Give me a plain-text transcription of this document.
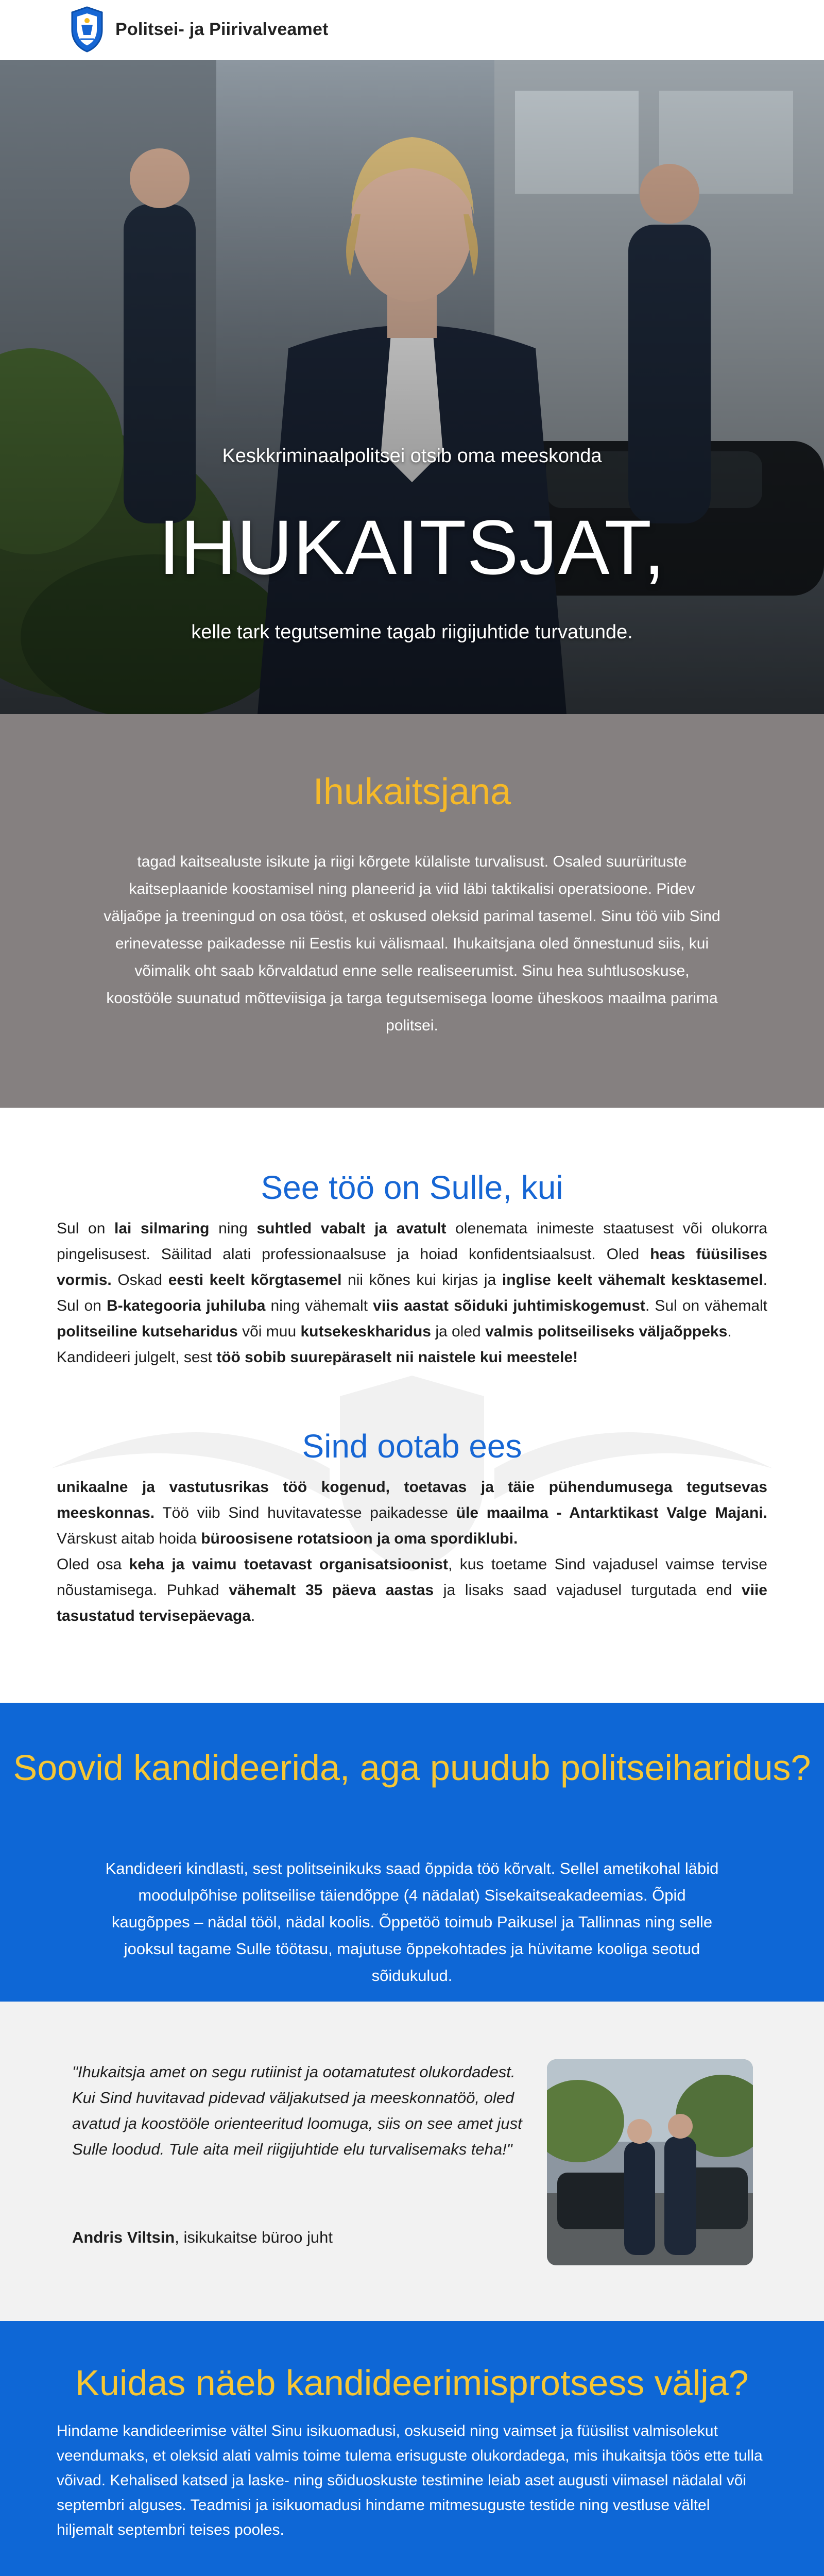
Politsei- ja Piirivalveamet
Keskkriminaalpolitsei otsib oma meeskonda
IHUKAITSJAT,
kelle tark tegutsemine tagab riigijuhtide turvatunde.
Ihukaitsjana

tagad kaitsealuste isikute ja riigi kõrgete külaliste turvalisust. Osaled suurürituste kaitseplaanide koostamisel ning planeerid ja viid läbi taktikalisi operatsioone. Pidev väljaõpe ja treeningud on osa tööst, et oskused oleksid parimal tasemel. Sinu töö viib Sind erinevatesse paikadesse nii Eestis kui välismaal. Ihukaitsjana oled õnnestunud siis, kui võimalik oht saab kõrvaldatud enne selle realiseerumist. Sinu hea suhtlusoskuse, koostööle suunatud mõtteviisiga ja targa tegutsemisega loome üheskoos maailma parima politsei.

See töö on Sulle, kui
Sul on lai silmaring ning suhtled vabalt ja avatult olenemata inimeste staatusest või olukorra pingelisusest. Säilitad alati professionaalsuse ja hoiad konfidentsiaalsust. Oled heas füüsilises vormis. Oskad eesti keelt kõrgtasemel nii kõnes kui kirjas ja inglise keelt vähemalt kesktasemel. Sul on B-kategooria juhiluba ning vähemalt viis aastat sõiduki juhtimiskogemust. Sul on vähemalt politseiline kutseharidus või muu kutsekeskharidus ja oled valmis politseiliseks väljaõppeks.
Kandideeri julgelt, sest töö sobib suurepäraselt nii naistele kui meestele!
Sind ootab ees
unikaalne ja vastutusrikas töö kogenud, toetavas ja täie pühendumusega tegutsevas meeskonnas. Töö viib Sind huvitavatesse paikadesse üle maailma - Antarktikast Valge Majani. Värskust aitab hoida büroosisene rotatsioon ja oma spordiklubi.
Oled osa keha ja vaimu toetavast organisatsioonist, kus toetame Sind vajadusel vaimse tervise nõustamisega. Puhkad vähemalt 35 päeva aastas ja lisaks saad vajadusel turgutada end viie tasustatud tervisepäevaga.
Soovid kandideerida, aga puudub politseiharidus?

Kandideeri kindlasti, sest politseinikuks saad õppida töö kõrvalt. Sellel ametikohal läbid moodulpõhise politseilise täiendõppe (4 nädalat) Sisekaitseakadeemias. Õpid kaugõppes – nädal tööl, nädal koolis. Õppetöö toimub Paikusel ja Tallinnas ning selle jooksul tagame Sulle töötasu, majutuse õppekohtades ja hüvitame kooliga seotud sõidukulud.

"Ihukaitsja amet on segu rutiinist ja ootamatutest olukordadest. Kui Sind huvitavad pidevad väljakutsed ja meeskonnatöö, oled avatud ja koostööle orienteeritud loomuga, siis on see amet just Sulle loodud. Tule aita meil riigijuhtide elu turvalisemaks teha!"
Andris Viltsin, isikukaitse büroo juht
Kuidas näeb kandideerimisprotsess välja?
Hindame kandideerimise vältel Sinu isikuomadusi, oskuseid ning vaimset ja füüsilist valmisolekut veendumaks, et oleksid alati valmis toime tulema erisuguste olukordadega, mis ihukaitsja töös ette tulla võivad. Kehalised katsed ja laske- ning sõiduoskuste testimine leiab aset augusti viimasel nädalal või septembri alguses. Teadmisi ja isikuomadusi hindame mitmesuguste testide ning vestluse vältel hiljemalt septembri teises pooles.
